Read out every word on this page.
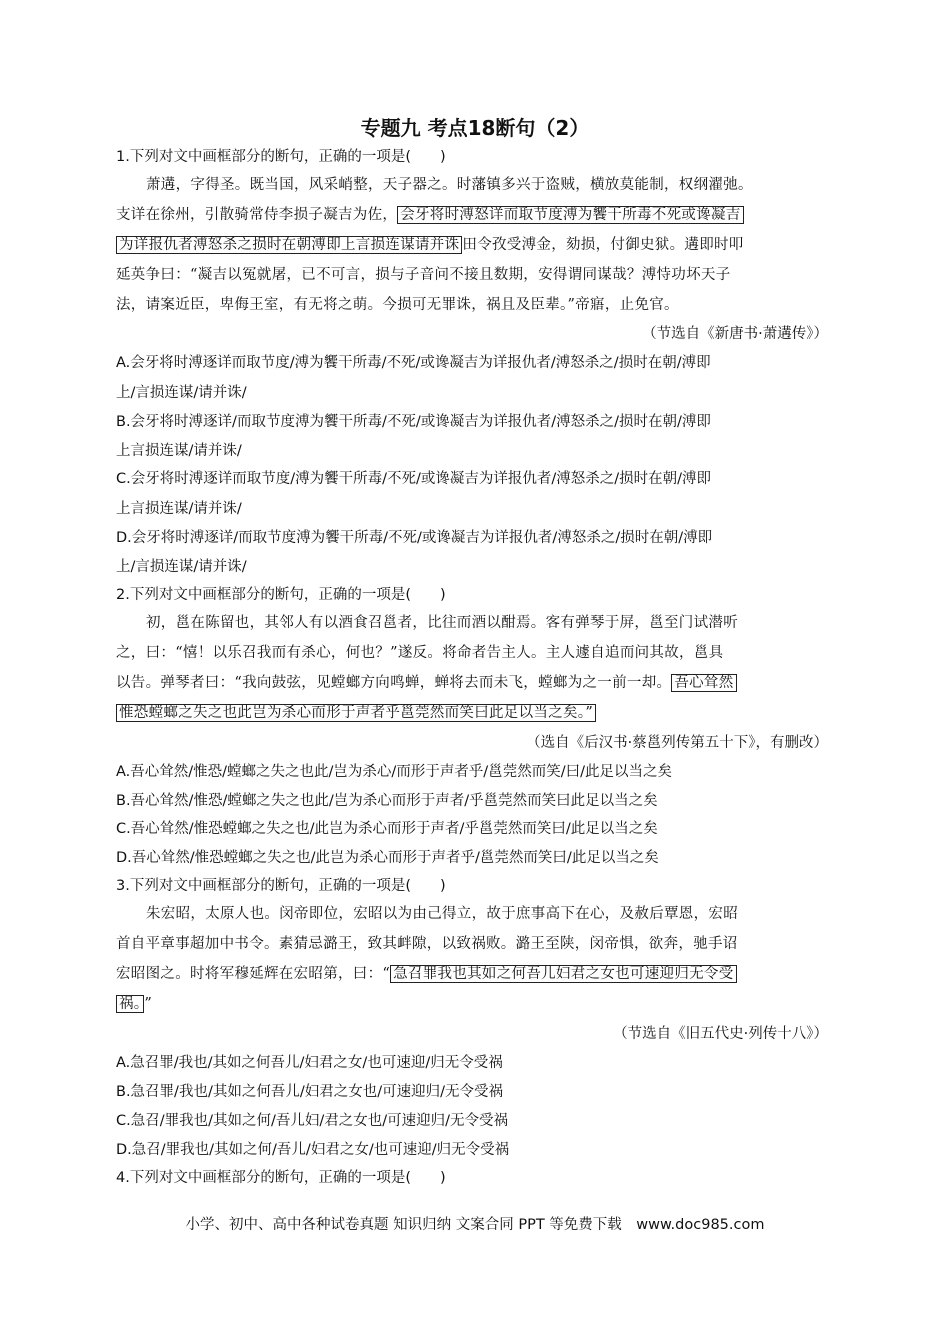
专题九 考点18断句（2）
1.下列对文中画框部分的断句，正确的一项是(　　)
萧遘，字得圣。既当国，风采峭整，天子器之。时藩镇多兴于盗贼，横放莫能制，权纲濯弛。
支详在徐州，引散骑常侍李损子凝吉为佐， 会牙将时溥怒详而取节度溥为饗干所毒不死或谗凝吉
为详报仇者溥怒杀之损时在朝溥即上言损连谋请并诛 田令孜受溥金，劾损，付御史狱。遘即时叩
延英争曰：“凝吉以冤就屠，已不可言，损与子音问不接且数期，安得谓同谋哉？溥恃功坏天子
法，请案近臣，卑侮王室，有无将之萌。今损可无罪诛，祸且及臣辈。”帝寤，止免官。
（节选自《新唐书·萧遘传》）
A.会牙将时溥逐详而取节度/溥为饗干所毒/不死/或谗凝吉为详报仇者/溥怒杀之/损时在朝/溥即
上/言损连谋/请并诛/
B.会牙将时溥逐详/而取节度溥为饗干所毒/不死/或谗凝吉为详报仇者/溥怒杀之/损时在朝/溥即
上言损连谋/请并诛/
C.会牙将时溥逐详而取节度/溥为饗干所毒/不死/或谗凝吉为详报仇者/溥怒杀之/损时在朝/溥即
上言损连谋/请并诛/
D.会牙将时溥逐详/而取节度溥为饗干所毒/不死/或谗凝吉为详报仇者/溥怒杀之/损时在朝/溥即
上/言损连谋/请并诛/
2.下列对文中画框部分的断句，正确的一项是(　　)
初，邕在陈留也，其邻人有以酒食召邕者，比往而酒以酣焉。客有弹琴于屏，邕至门试潜听
之，曰：“憘！以乐召我而有杀心，何也？”遂反。将命者告主人。主人遽自追而问其故，邕具
以告。弹琴者曰：“我向鼓弦，见螳螂方向鸣蝉，蝉将去而未飞，螳螂为之一前一却。 吾心耸然
惟恐螳螂之失之也此岂为杀心而形于声者乎邕莞然而笑曰此足以当之矣。”
（选自《后汉书·蔡邕列传第五十下》，有删改）
A.吾心耸然/惟恐/螳螂之失之也此/岂为杀心/而形于声者乎/邕莞然而笑/曰/此足以当之矣
B.吾心耸然/惟恐/螳螂之失之也此/岂为杀心而形于声者/乎邕莞然而笑曰此足以当之矣
C.吾心耸然/惟恐螳螂之失之也/此岂为杀心而形于声者/乎邕莞然而笑曰/此足以当之矣
D.吾心耸然/惟恐螳螂之失之也/此岂为杀心而形于声者乎/邕莞然而笑曰/此足以当之矣
3.下列对文中画框部分的断句，正确的一项是(　　)
朱宏昭，太原人也。闵帝即位，宏昭以为由己得立，故于庶事高下在心，及赦后覃恩，宏昭
首自平章事超加中书令。素猜忌潞王，致其衅隙，以致祸败。潞王至陕，闵帝惧，欲奔，驰手诏
宏昭图之。时将军穆延辉在宏昭第，曰：“ 急召罪我也其如之何吾儿妇君之女也可速迎归无令受
祸。 ”
（节选自《旧五代史·列传十八》）
A.急召罪/我也/其如之何吾儿/妇君之女/也可速迎/归无令受祸
B.急召罪/我也/其如之何吾儿/妇君之女也/可速迎归/无令受祸
C.急召/罪我也/其如之何/吾儿妇/君之女也/可速迎归/无令受祸
D.急召/罪我也/其如之何/吾儿/妇君之女/也可速迎/归无令受祸
4.下列对文中画框部分的断句，正确的一项是(　　)
小学、初中、高中各种试卷真题 知识归纳 文案合同 PPT 等免费下载　www.doc985.com
